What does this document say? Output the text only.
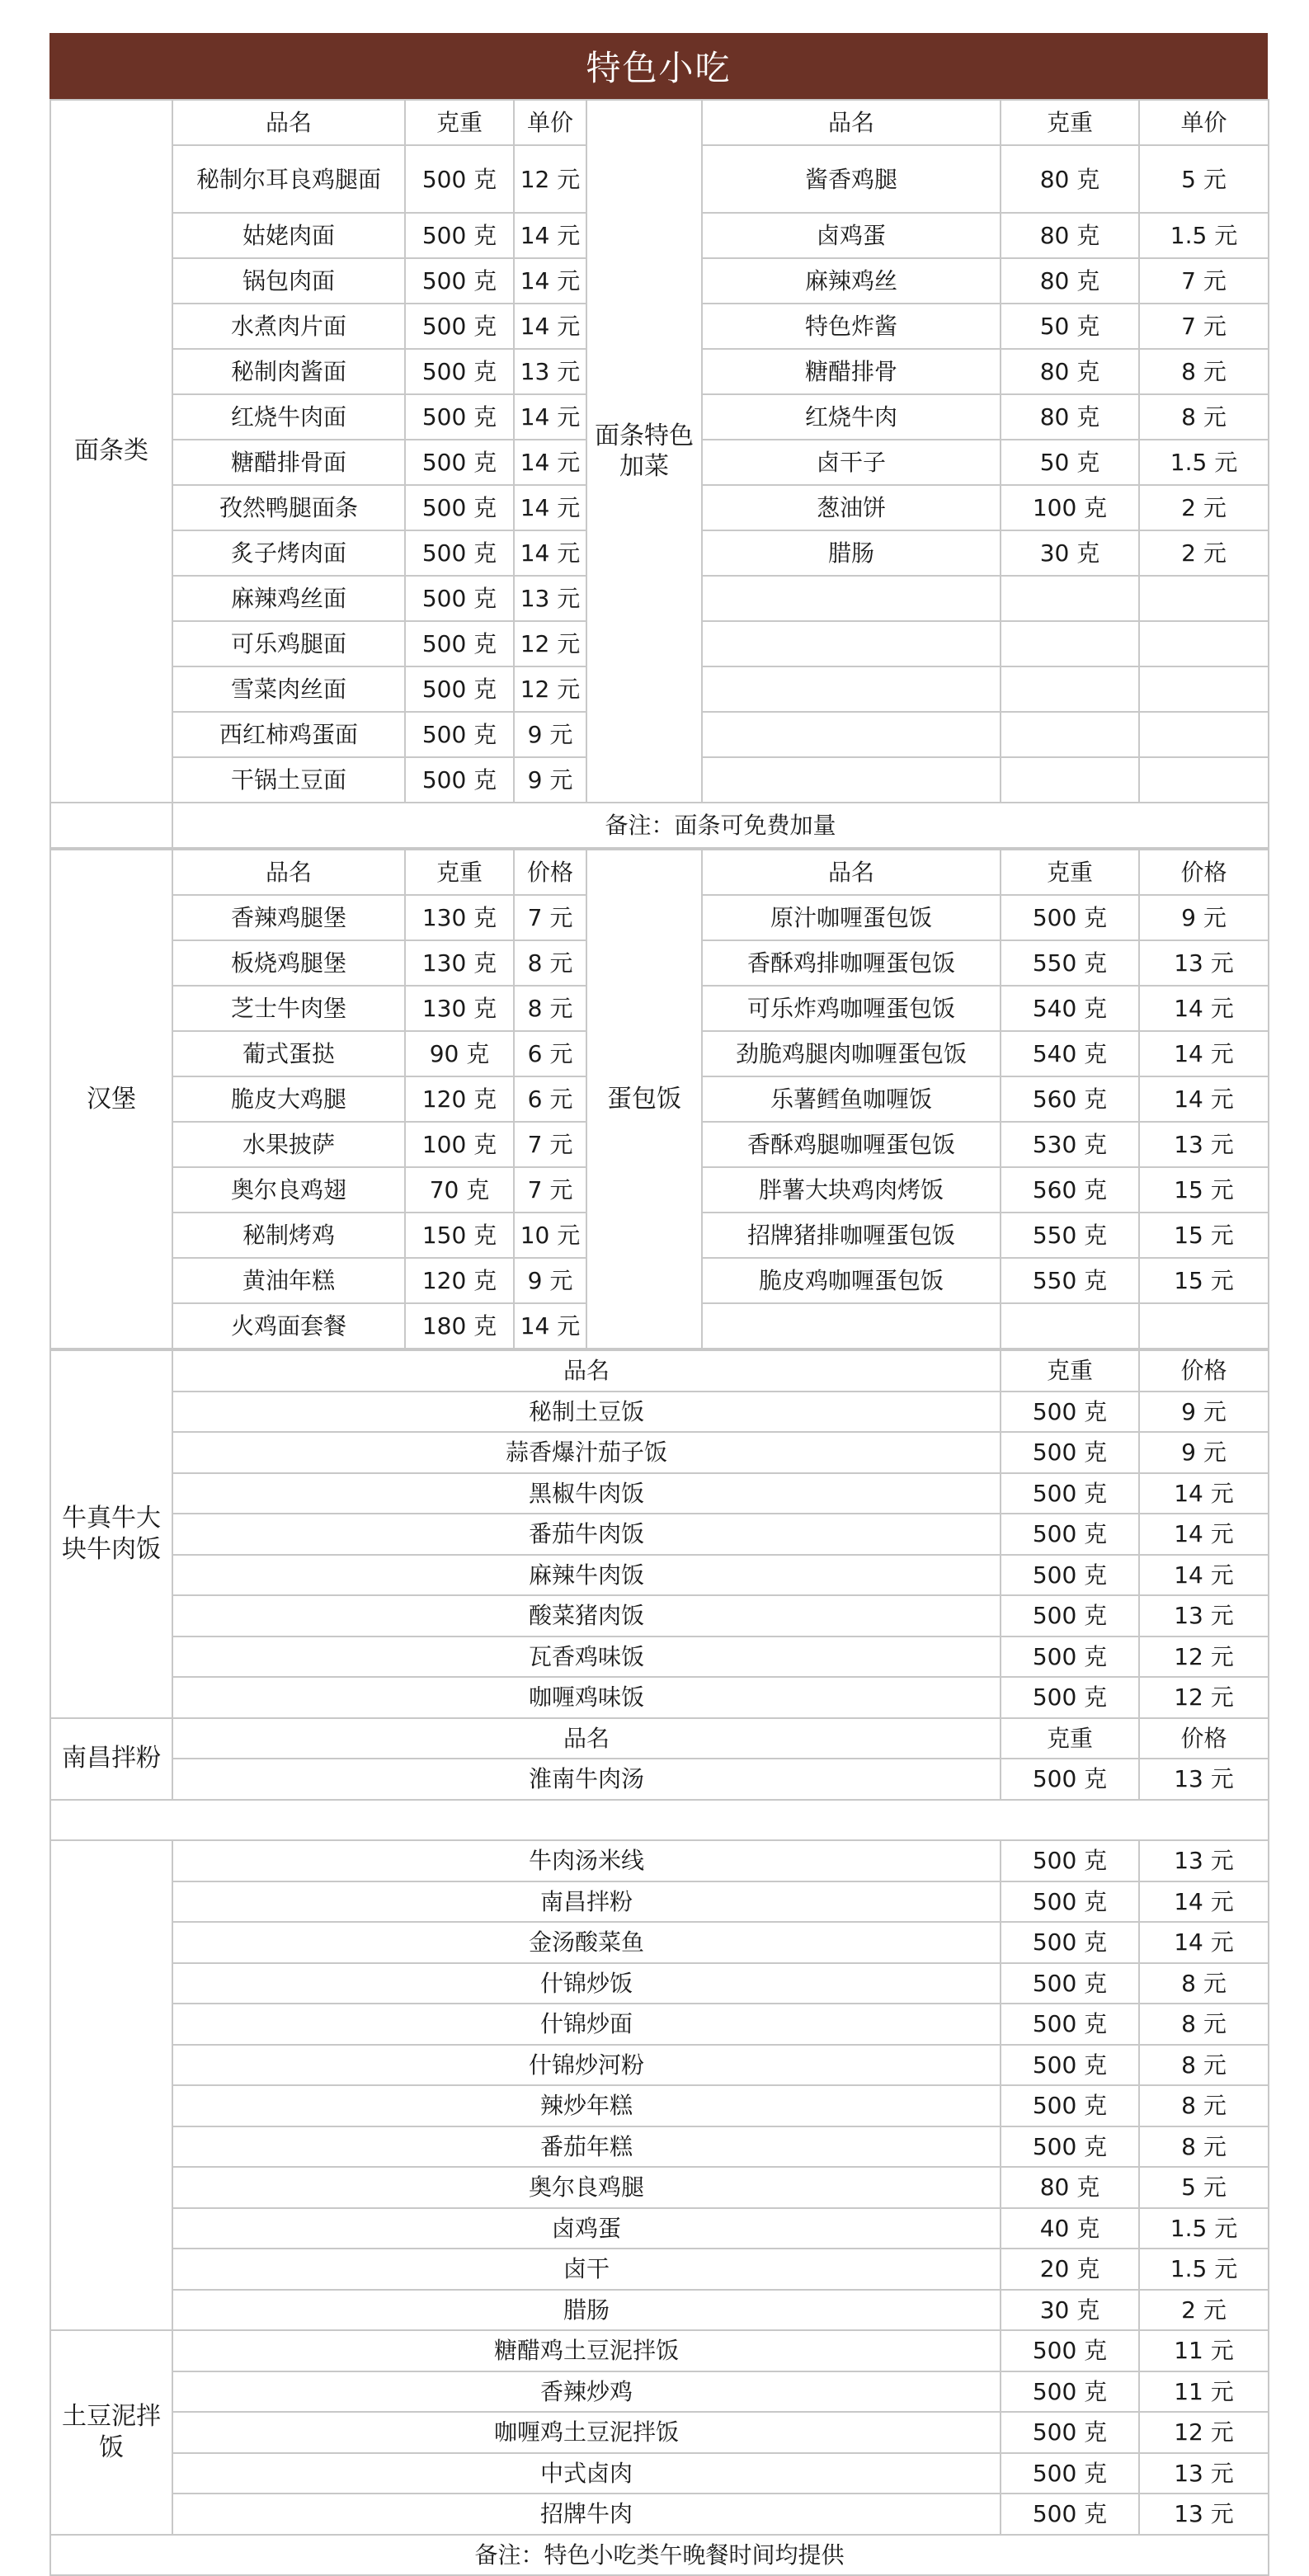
特色小吃
面条类	品名	克重	单价	面条特色加菜	品名	克重	单价
	秘制尔耳良鸡腿面	500 克	12 元		酱香鸡腿	80 克	5 元
	姑姥肉面	500 克	14 元		卤鸡蛋	80 克	1.5 元
	锅包肉面	500 克	14 元		麻辣鸡丝	80 克	7 元
	水煮肉片面	500 克	14 元		特色炸酱	50 克	7 元
	秘制肉酱面	500 克	13 元		糖醋排骨	80 克	8 元
	红烧牛肉面	500 克	14 元		红烧牛肉	80 克	8 元
	糖醋排骨面	500 克	14 元		卤干子	50 克	1.5 元
	孜然鸭腿面条	500 克	14 元		葱油饼	100 克	2 元
	炙子烤肉面	500 克	14 元		腊肠	30 克	2 元
	麻辣鸡丝面	500 克	13 元				
	可乐鸡腿面	500 克	12 元				
	雪菜肉丝面	500 克	12 元				
	西红柿鸡蛋面	500 克	9 元				
	干锅土豆面	500 克	9 元				
	备注：面条可免费加量						
汉堡	品名	克重	价格	蛋包饭	品名	克重	价格
	香辣鸡腿堡	130 克	7 元		原汁咖喱蛋包饭	500 克	9 元
	板烧鸡腿堡	130 克	8 元		香酥鸡排咖喱蛋包饭	550 克	13 元
	芝士牛肉堡	130 克	8 元		可乐炸鸡咖喱蛋包饭	540 克	14 元
	葡式蛋挞	90 克	6 元		劲脆鸡腿肉咖喱蛋包饭	540 克	14 元
	脆皮大鸡腿	120 克	6 元		乐薯鳕鱼咖喱饭	560 克	14 元
	水果披萨	100 克	7 元		香酥鸡腿咖喱蛋包饭	530 克	13 元
	奥尔良鸡翅	70 克	7 元		胖薯大块鸡肉烤饭	560 克	15 元
	秘制烤鸡	150 克	10 元		招牌猪排咖喱蛋包饭	550 克	15 元
	黄油年糕	120 克	9 元		脆皮鸡咖喱蛋包饭	550 克	15 元
	火鸡面套餐	180 克	14 元				
牛真牛大块牛肉饭	品名	克重	价格
	秘制土豆饭	500 克	9 元
	蒜香爆汁茄子饭	500 克	9 元
	黑椒牛肉饭	500 克	14 元
	番茄牛肉饭	500 克	14 元
	麻辣牛肉饭	500 克	14 元
	酸菜猪肉饭	500 克	13 元
	瓦香鸡味饭	500 克	12 元
	咖喱鸡味饭	500 克	12 元
南昌拌粉	品名	克重	价格
	淮南牛肉汤	500 克	13 元

	牛肉汤米线	500 克	13 元
	南昌拌粉	500 克	14 元
	金汤酸菜鱼	500 克	14 元
	什锦炒饭	500 克	8 元
	什锦炒面	500 克	8 元
	什锦炒河粉	500 克	8 元
	辣炒年糕	500 克	8 元
	番茄年糕	500 克	8 元
	奥尔良鸡腿	80 克	5 元
	卤鸡蛋	40 克	1.5 元
	卤干	20 克	1.5 元
	腊肠	30 克	2 元
土豆泥拌饭	糖醋鸡土豆泥拌饭	500 克	11 元
	香辣炒鸡	500 克	11 元
	咖喱鸡土豆泥拌饭	500 克	12 元
	中式卤肉	500 克	13 元
	招牌牛肉	500 克	13 元
备注：特色小吃类午晚餐时间均提供			
